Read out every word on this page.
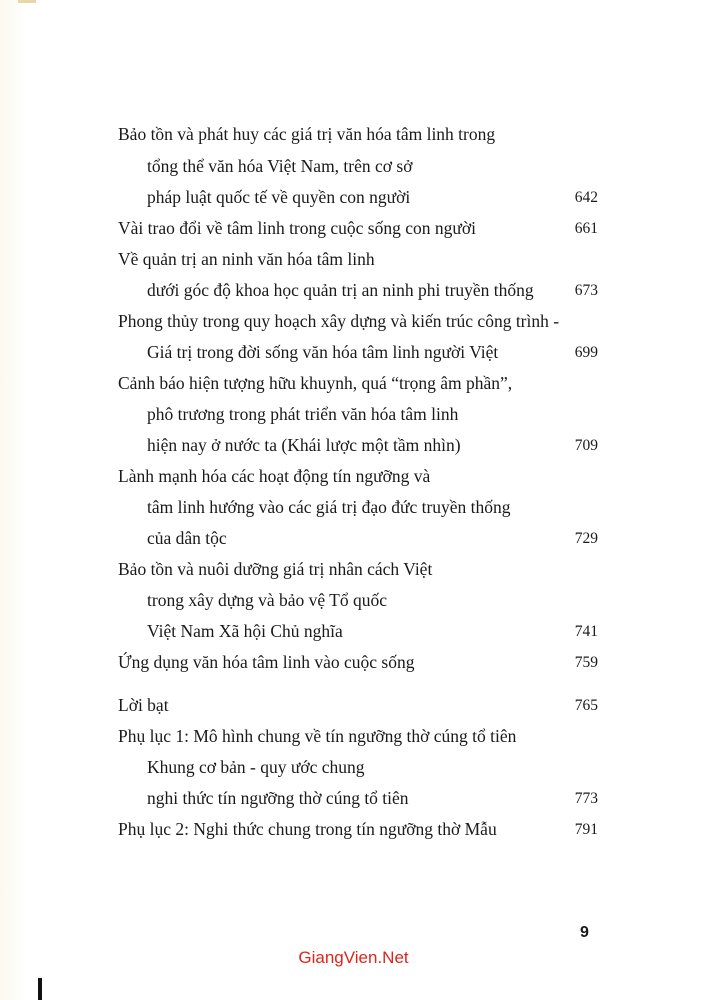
Bảo tồn và phát huy các giá trị văn hóa tâm linh trong
tổng thể văn hóa Việt Nam, trên cơ sở
pháp luật quốc tế về quyền con người	642
Vài trao đổi về tâm linh trong cuộc sống con người	661
Về quản trị an ninh văn hóa tâm linh
dưới góc độ khoa học quản trị an ninh phi truyền thống	673
Phong thủy trong quy hoạch xây dựng và kiến trúc công trình -
Giá trị trong đời sống văn hóa tâm linh người Việt	699
Cảnh báo hiện tượng hữu khuynh, quá “trọng âm phần”,
phô trương trong phát triển văn hóa tâm linh
hiện nay ở nước ta (Khái lược một tầm nhìn)	709
Lành mạnh hóa các hoạt động tín ngưỡng và
tâm linh hướng vào các giá trị đạo đức truyền thống
của dân tộc	729
Bảo tồn và nuôi dưỡng giá trị nhân cách Việt
trong xây dựng và bảo vệ Tổ quốc
Việt Nam Xã hội Chủ nghĩa	741
Ứng dụng văn hóa tâm linh vào cuộc sống	759
Lời bạt	765
Phụ lục 1: Mô hình chung về tín ngưỡng thờ cúng tổ tiên
Khung cơ bản - quy ước chung
nghi thức tín ngưỡng thờ cúng tổ tiên	773
Phụ lục 2: Nghi thức chung trong tín ngưỡng thờ Mẫu	791
9
GiangVien.Net
